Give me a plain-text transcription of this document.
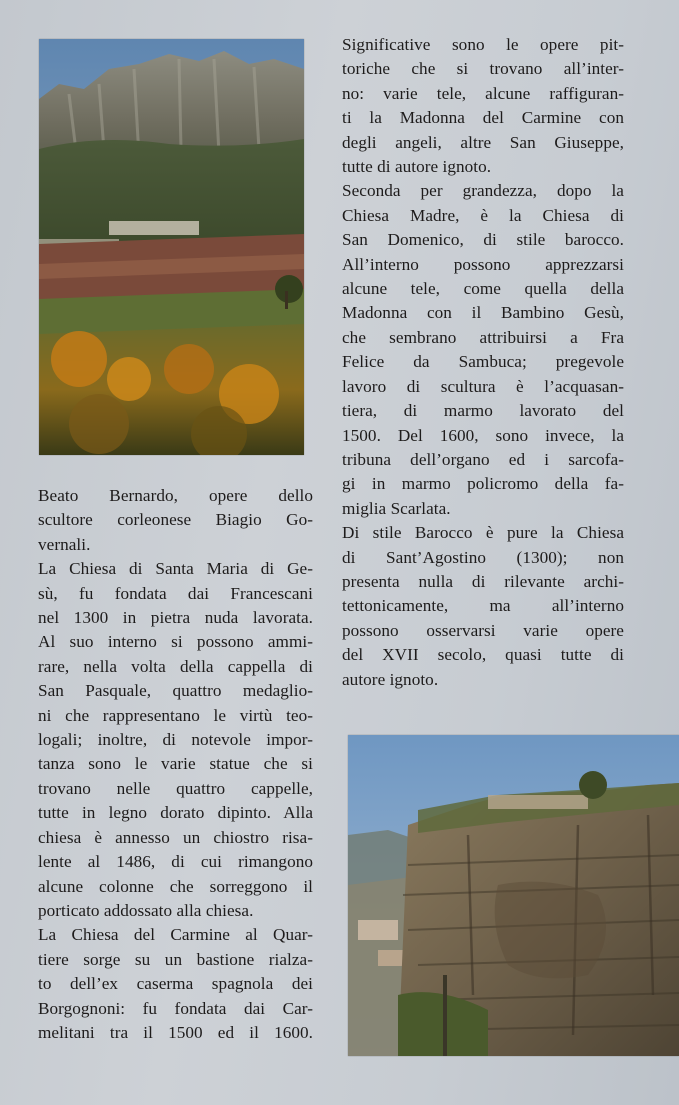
Significative sono le opere pit-
toriche che si trovano all’inter-
no: varie tele, alcune raffiguran-
ti la Madonna del Carmine con
degli angeli, altre San Giuseppe,
tutte di autore ignoto.
Seconda per grandezza, dopo la
Chiesa Madre, è la Chiesa di
San Domenico, di stile barocco.
All’interno possono apprezzarsi
alcune tele, come quella della
Madonna con il Bambino Gesù,
che sembrano attribuirsi a Fra
Felice da Sambuca; pregevole
lavoro di scultura è l’acquasan-
tiera, di marmo lavorato del
1500. Del 1600, sono invece, la
tribuna dell’organo ed i sarcofa-
gi in marmo policromo della fa-
miglia Scarlata.
Di stile Barocco è pure la Chiesa
di Sant’Agostino (1300); non
presenta nulla di rilevante archi-
tettonicamente, ma all’interno
possono osservarsi varie opere
del XVII secolo, quasi tutte di
autore ignoto.
Beato Bernardo, opere dello
scultore corleonese Biagio Go-
vernali.
La Chiesa di Santa Maria di Ge-
sù, fu fondata dai Francescani
nel 1300 in pietra nuda lavorata.
Al suo interno si possono ammi-
rare, nella volta della cappella di
San Pasquale, quattro medaglio-
ni che rappresentano le virtù teo-
logali; inoltre, di notevole impor-
tanza sono le varie statue che si
trovano nelle quattro cappelle,
tutte in legno dorato dipinto. Alla
chiesa è annesso un chiostro risa-
lente al 1486, di cui rimangono
alcune colonne che sorreggono il
porticato addossato alla chiesa.
La Chiesa del Carmine al Quar-
tiere sorge su un bastione rialza-
to dell’ex caserma spagnola dei
Borgognoni: fu fondata dai Car-
melitani tra il 1500 ed il 1600.
